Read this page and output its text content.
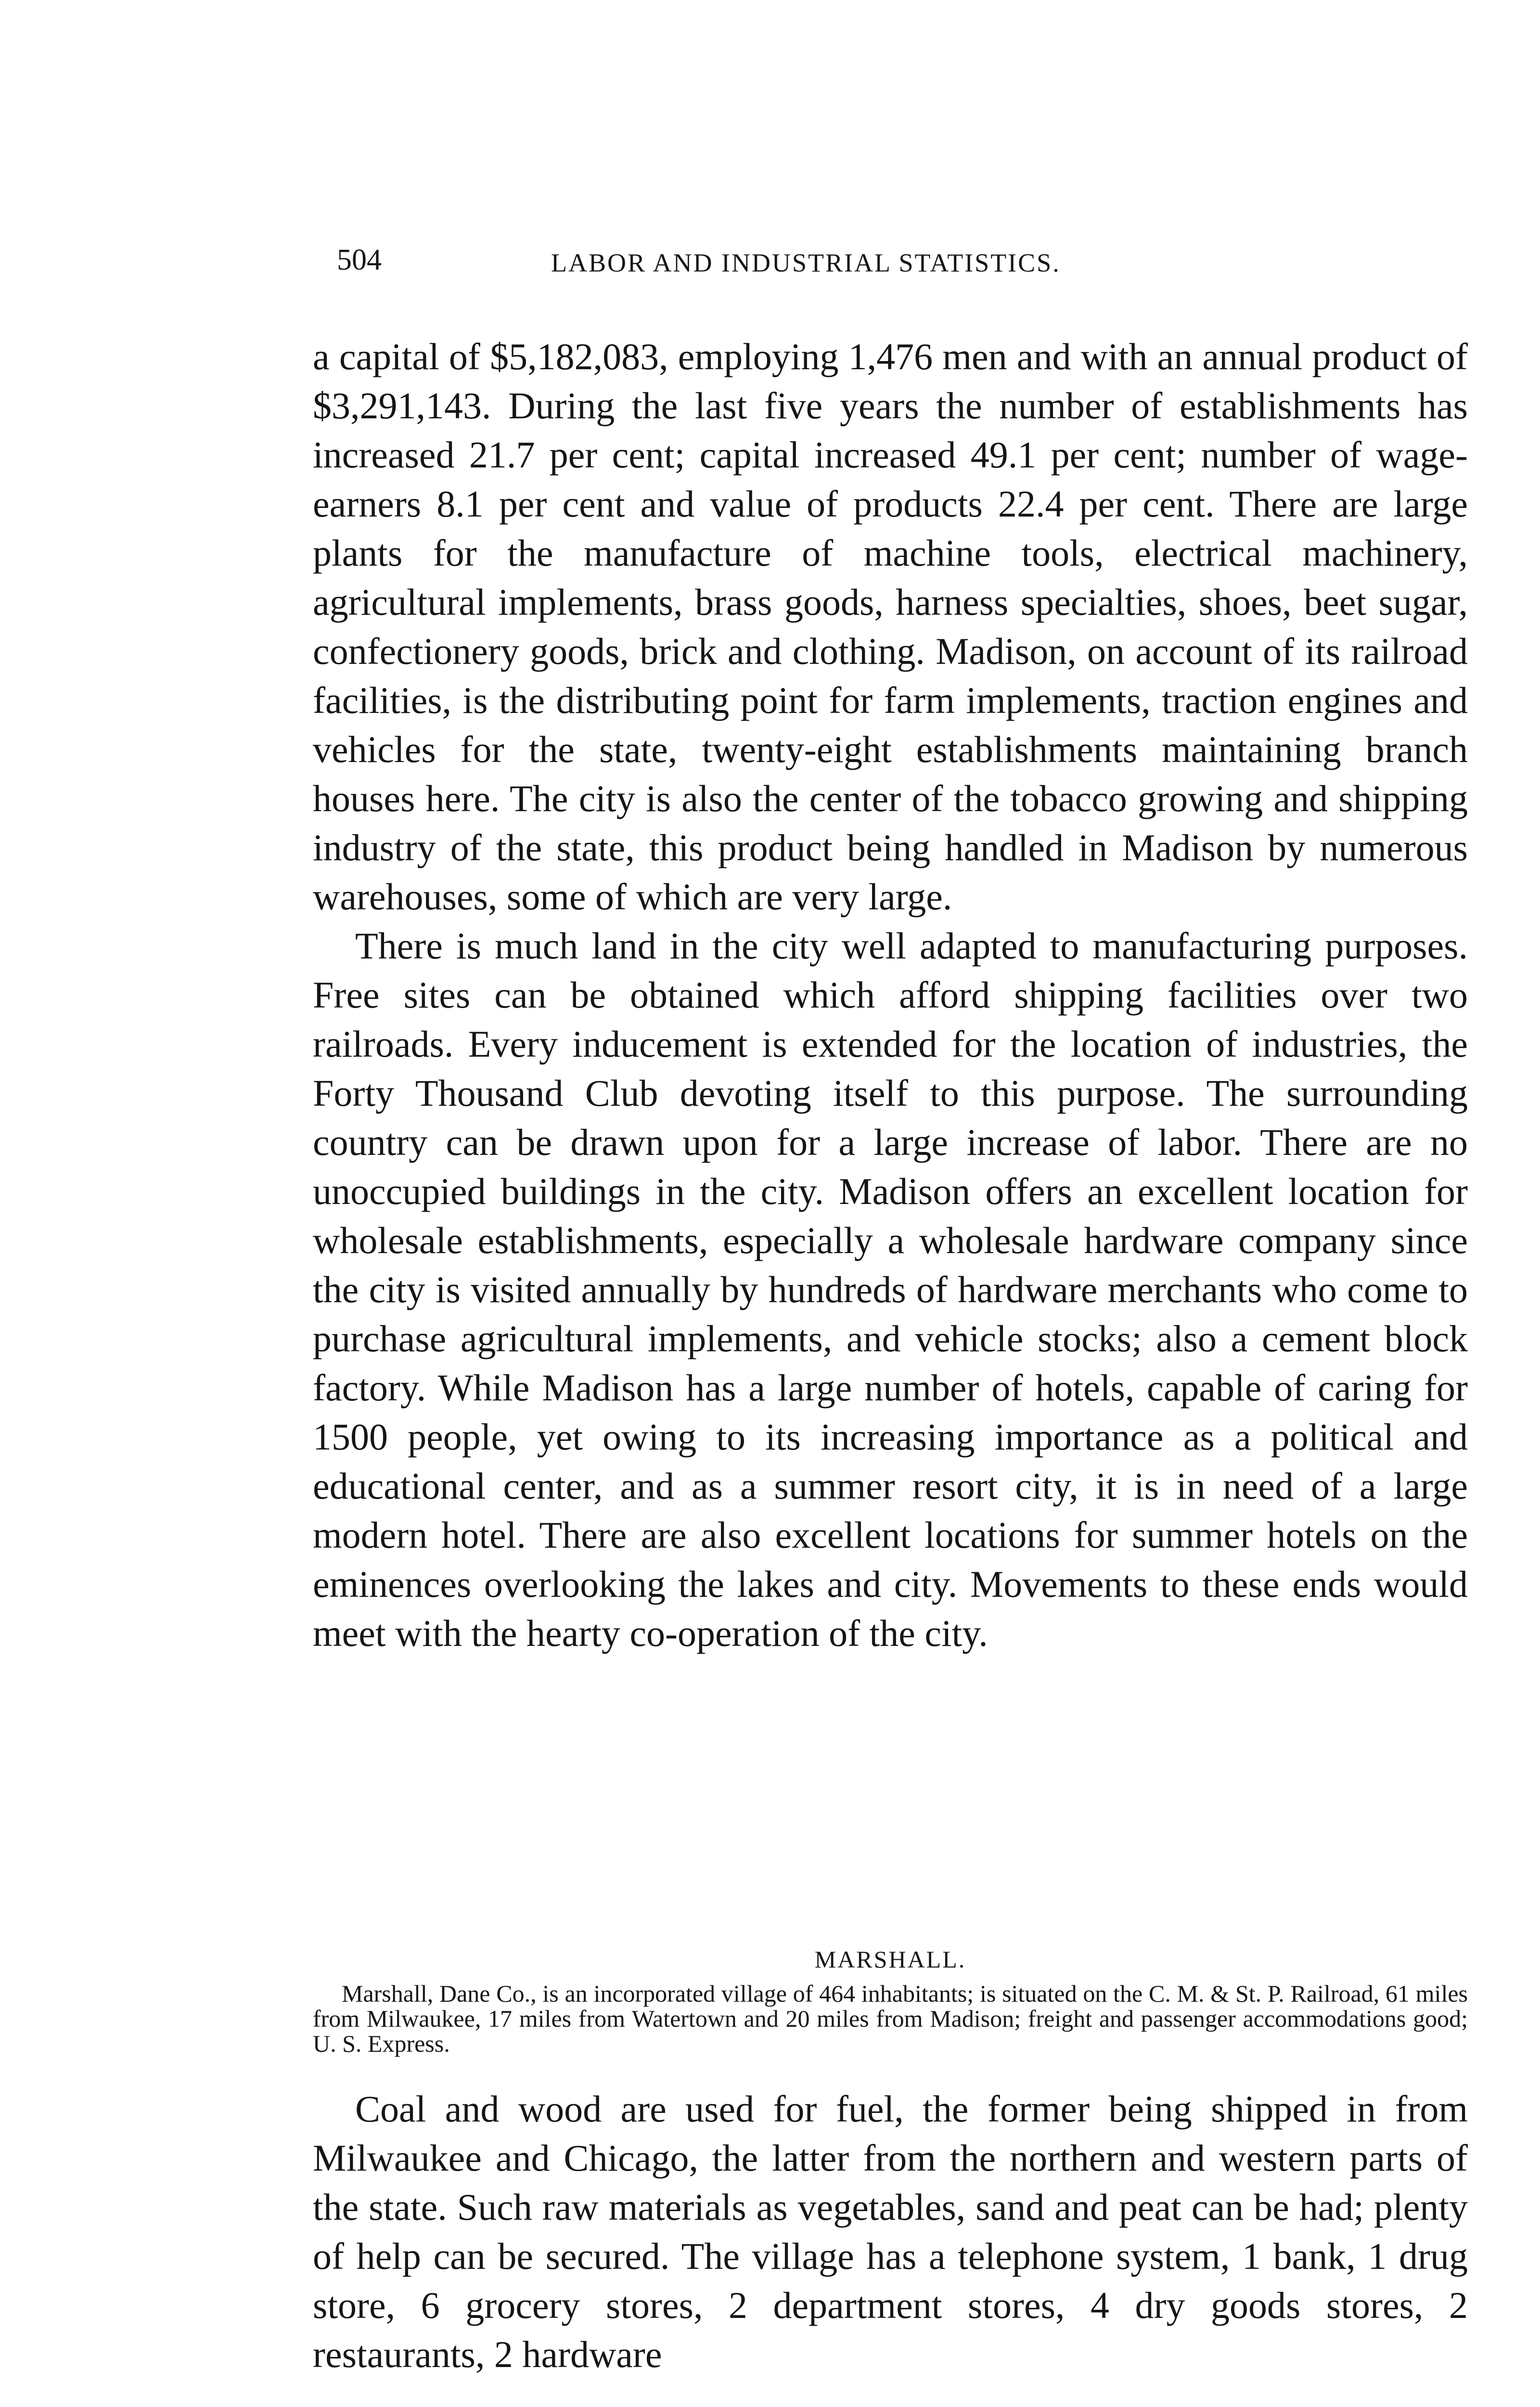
504	LABOR AND INDUSTRIAL STATISTICS.

a capital of $5,182,083, employing 1,476 men and with an annual product of $3,291,143. During the last five years the number of establishments has increased 21.7 per cent; capital increased 49.1 per cent; number of wage-earners 8.1 per cent and value of products 22.4 per cent. There are large plants for the manufacture of machine tools, electrical machinery, agricultural implements, brass goods, harness specialties, shoes, beet sugar, confectionery goods, brick and clothing. Madison, on account of its railroad facilities, is the distributing point for farm implements, traction engines and vehicles for the state, twenty-eight establishments maintaining branch houses here. The city is also the center of the tobacco growing and shipping industry of the state, this product being handled in Madison by numerous warehouses, some of which are very large.

There is much land in the city well adapted to manufacturing purposes. Free sites can be obtained which afford shipping facilities over two railroads. Every inducement is extended for the location of industries, the Forty Thousand Club devoting itself to this purpose. The surrounding country can be drawn upon for a large increase of labor. There are no unoccupied buildings in the city. Madison offers an excellent location for wholesale establishments, especially a wholesale hardware company since the city is visited annually by hundreds of hardware merchants who come to purchase agricultural implements, and vehicle stocks; also a cement block factory. While Madison has a large number of hotels, capable of caring for 1500 people, yet owing to its increasing importance as a political and educational center, and as a summer resort city, it is in need of a large modern hotel. There are also excellent locations for summer hotels on the eminences overlooking the lakes and city. Movements to these ends would meet with the hearty co-operation of the city.

MARSHALL.

Marshall, Dane Co., is an incorporated village of 464 inhabitants; is situated on the C. M. & St. P. Railroad, 61 miles from Milwaukee, 17 miles from Watertown and 20 miles from Madison; freight and passenger accommodations good; U. S. Express.

Coal and wood are used for fuel, the former being shipped in from Milwaukee and Chicago, the latter from the northern and western parts of the state. Such raw materials as vegetables, sand and peat can be had; plenty of help can be secured. The village has a telephone system, 1 bank, 1 drug store, 6 grocery stores, 2 department stores, 4 dry goods stores, 2 restaurants, 2 hardware
